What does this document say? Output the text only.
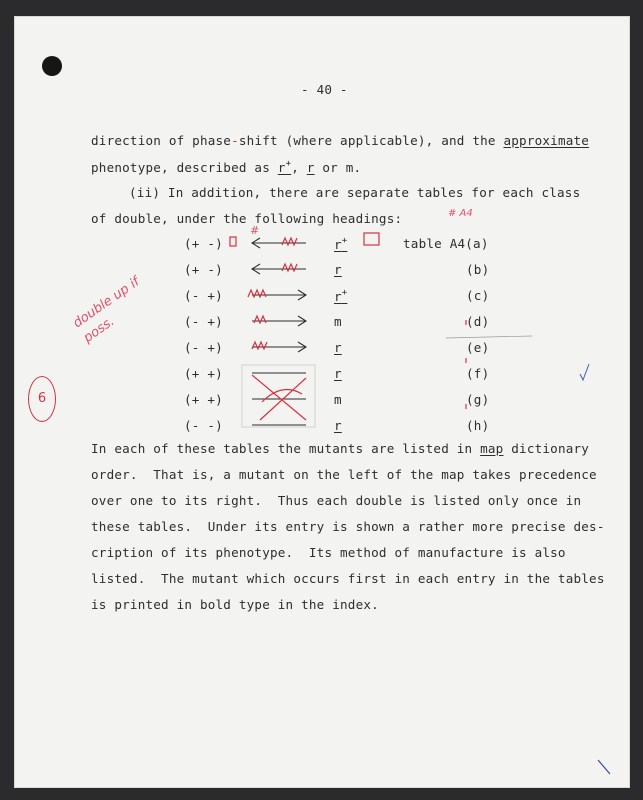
- 40 -
direction of phase-shift (where applicable), and the approximate
phenotype, described as r+, r or m.
(ii) In addition, there are separate tables for each class
of double, under the following headings:
(+ -)	r+	table A4(a)
(+ -)	r	(b)
(- +)	r+	(c)
(- +)	m	(d)
(- +)	r	(e)
(+ +)	r	(f)
(+ +)	m	(g)
(- -)	r	(h)
In each of these tables the mutants are listed in map dictionary
order.  That is, a mutant on the left of the map takes precedence
over one to its right.  Thus each double is listed only once in
these tables.  Under its entry is shown a rather more precise des-
cription of its phenotype.  Its method of manufacture is also
listed.  The mutant which occurs first in each entry in the tables
is printed in bold type in the index.
double up if poss.
6
#
# A4
